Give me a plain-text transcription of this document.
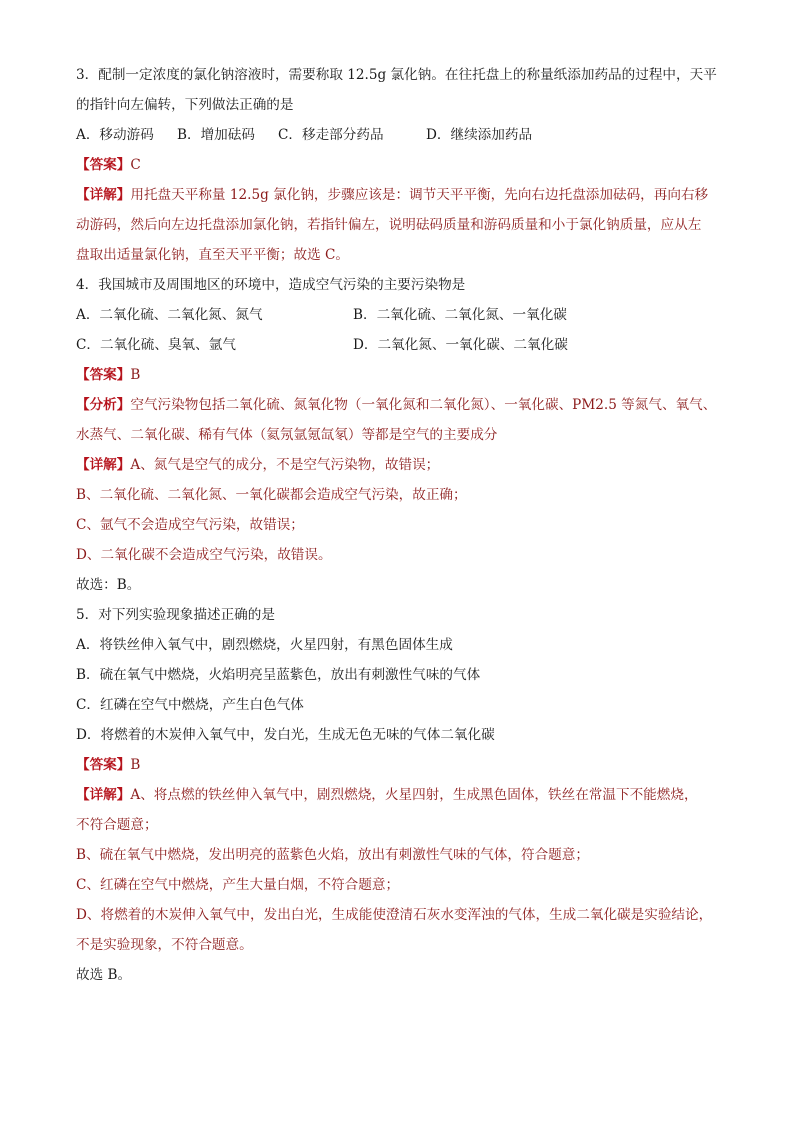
3．配制一定浓度的氯化钠溶液时，需要称取 12.5g 氯化钠。在往托盘上的称量纸添加药品的过程中，天平
的指针向左偏转，下列做法正确的是
A．移动游码	B．增加砝码	C．移走部分药品	D．继续添加药品
【答案】C
【详解】用托盘天平称量 12.5g 氯化钠，步骤应该是：调节天平平衡，先向右边托盘添加砝码，再向右移
动游码，然后向左边托盘添加氯化钠，若指针偏左，说明砝码质量和游码质量和小于氯化钠质量，应从左
盘取出适量氯化钠，直至天平平衡；故选 C。
4．我国城市及周围地区的环境中，造成空气污染的主要污染物是
A．二氧化硫、二氧化氮、氮气	B．二氧化硫、二氧化氮、一氧化碳
C．二氧化硫、臭氧、氩气	D．二氧化氮、一氧化碳、二氧化碳
【答案】B
【分析】空气污染物包括二氧化硫、氮氧化物（一氧化氮和二氧化氮）、一氧化碳、PM2.5 等氮气、氧气、
水蒸气、二氧化碳、稀有气体（氦氖氩氪氙氡）等都是空气的主要成分
【详解】A、氮气是空气的成分，不是空气污染物，故错误；
B、二氧化硫、二氧化氮、一氧化碳都会造成空气污染，故正确；
C、氩气不会造成空气污染，故错误；
D、二氧化碳不会造成空气污染，故错误。
故选：B。
5．对下列实验现象描述正确的是
A．将铁丝伸入氧气中，剧烈燃烧，火星四射，有黑色固体生成
B．硫在氧气中燃烧，火焰明亮呈蓝紫色，放出有刺激性气味的气体
C．红磷在空气中燃烧，产生白色气体
D．将燃着的木炭伸入氧气中，发白光，生成无色无味的气体二氧化碳
【答案】B
【详解】A、将点燃的铁丝伸入氧气中，剧烈燃烧，火星四射，生成黑色固体，铁丝在常温下不能燃烧，
不符合题意；
B、硫在氧气中燃烧，发出明亮的蓝紫色火焰，放出有刺激性气味的气体，符合题意；
C、红磷在空气中燃烧，产生大量白烟，不符合题意；
D、将燃着的木炭伸入氧气中，发出白光，生成能使澄清石灰水变浑浊的气体，生成二氧化碳是实验结论，
不是实验现象，不符合题意。
故选 B。
